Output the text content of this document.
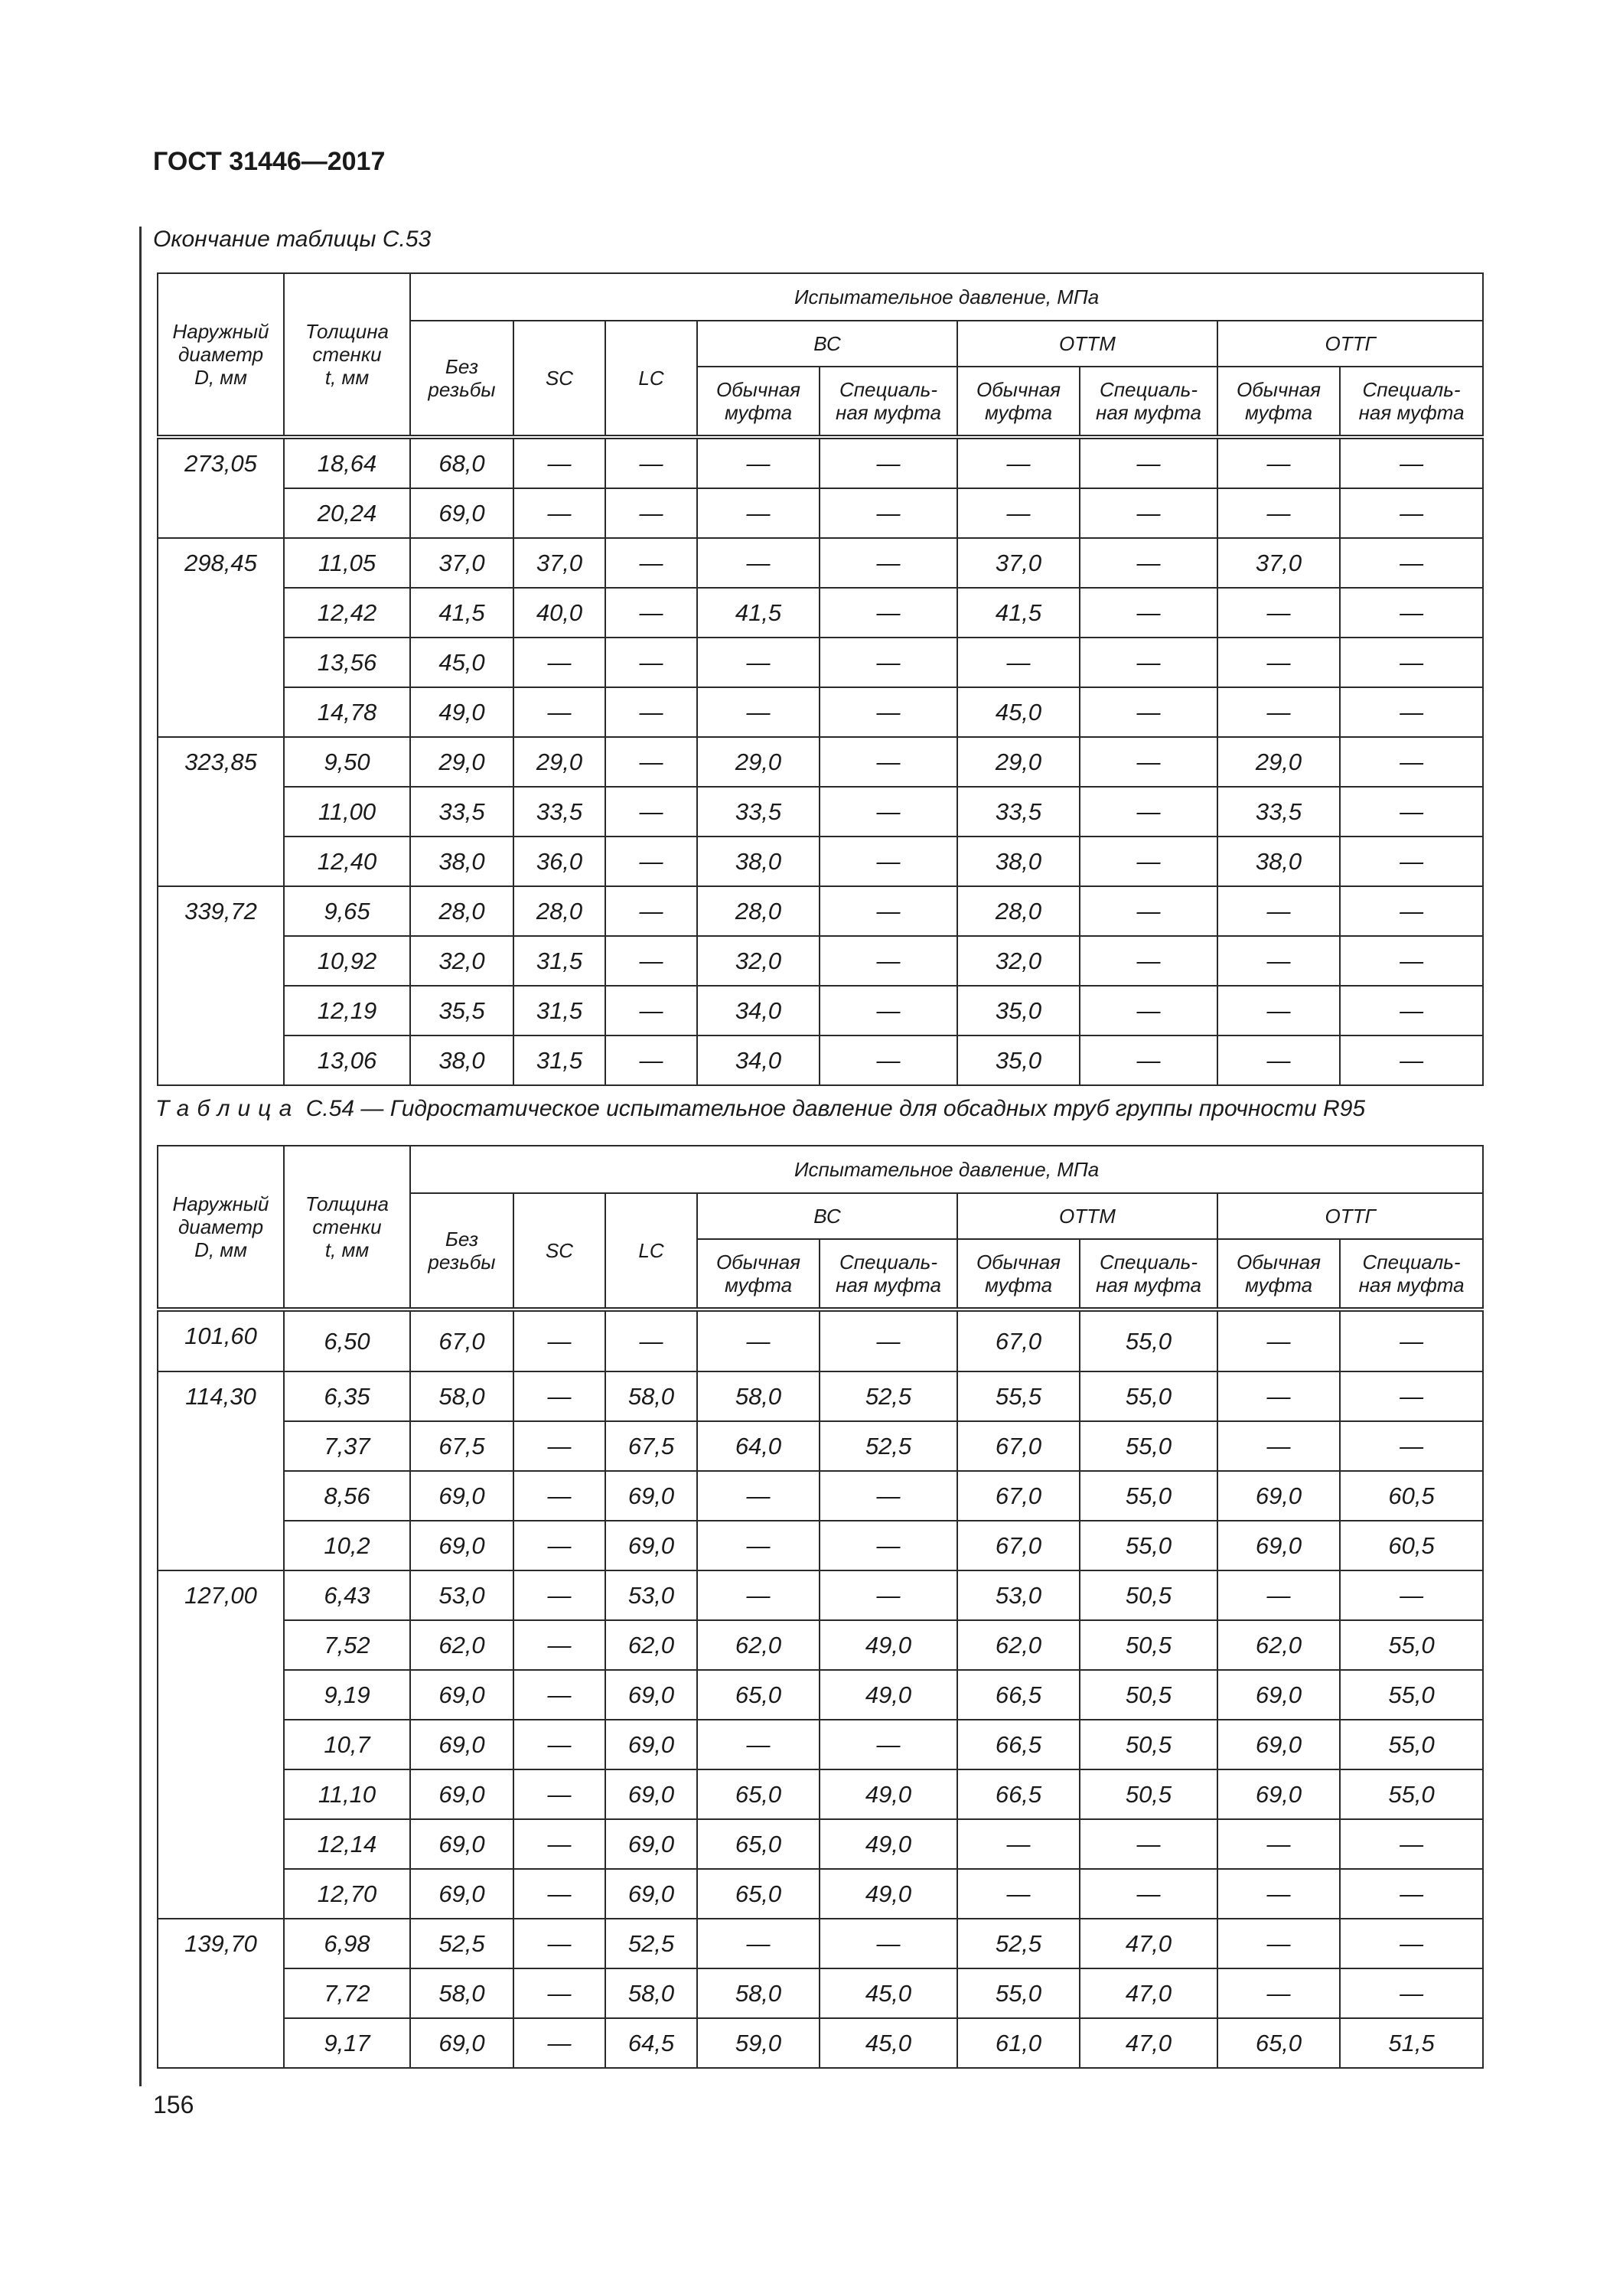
ГОСТ 31446—2017
Окончание таблицы С.53
Наружный
диаметр
D, мм	Толщина
стенки
t, мм	Испытательное давление, МПа								
		Без
резьбы	SC	LC	ВС		ОТТМ		ОТТГ	
					Обычная
муфта	Специаль-
ная муфта	Обычная
муфта	Специаль-
ная муфта	Обычная
муфта	Специаль-
ная муфта
273,05	18,64	68,0	—	—	—	—	—	—	—	—
	20,24	69,0	—	—	—	—	—	—	—	—
298,45	11,05	37,0	37,0	—	—	—	37,0	—	37,0	—
	12,42	41,5	40,0	—	41,5	—	41,5	—	—	—
	13,56	45,0	—	—	—	—	—	—	—	—
	14,78	49,0	—	—	—	—	45,0	—	—	—
323,85	9,50	29,0	29,0	—	29,0	—	29,0	—	29,0	—
	11,00	33,5	33,5	—	33,5	—	33,5	—	33,5	—
	12,40	38,0	36,0	—	38,0	—	38,0	—	38,0	—
339,72	9,65	28,0	28,0	—	28,0	—	28,0	—	—	—
	10,92	32,0	31,5	—	32,0	—	32,0	—	—	—
	12,19	35,5	31,5	—	34,0	—	35,0	—	—	—
	13,06	38,0	31,5	—	34,0	—	35,0	—	—	—
Таблица С.54 — Гидростатическое испытательное давление для обсадных труб группы прочности R95
Наружный
диаметр
D, мм	Толщина
стенки
t, мм	Испытательное давление, МПа								
		Без
резьбы	SC	LC	ВС		ОТТМ		ОТТГ	
					Обычная
муфта	Специаль-
ная муфта	Обычная
муфта	Специаль-
ная муфта	Обычная
муфта	Специаль-
ная муфта
101,60	6,50	67,0	—	—	—	—	67,0	55,0	—	—
114,30	6,35	58,0	—	58,0	58,0	52,5	55,5	55,0	—	—
	7,37	67,5	—	67,5	64,0	52,5	67,0	55,0	—	—
	8,56	69,0	—	69,0	—	—	67,0	55,0	69,0	60,5
	10,2	69,0	—	69,0	—	—	67,0	55,0	69,0	60,5
127,00	6,43	53,0	—	53,0	—	—	53,0	50,5	—	—
	7,52	62,0	—	62,0	62,0	49,0	62,0	50,5	62,0	55,0
	9,19	69,0	—	69,0	65,0	49,0	66,5	50,5	69,0	55,0
	10,7	69,0	—	69,0	—	—	66,5	50,5	69,0	55,0
	11,10	69,0	—	69,0	65,0	49,0	66,5	50,5	69,0	55,0
	12,14	69,0	—	69,0	65,0	49,0	—	—	—	—
	12,70	69,0	—	69,0	65,0	49,0	—	—	—	—
139,70	6,98	52,5	—	52,5	—	—	52,5	47,0	—	—
	7,72	58,0	—	58,0	58,0	45,0	55,0	47,0	—	—
	9,17	69,0	—	64,5	59,0	45,0	61,0	47,0	65,0	51,5
156
